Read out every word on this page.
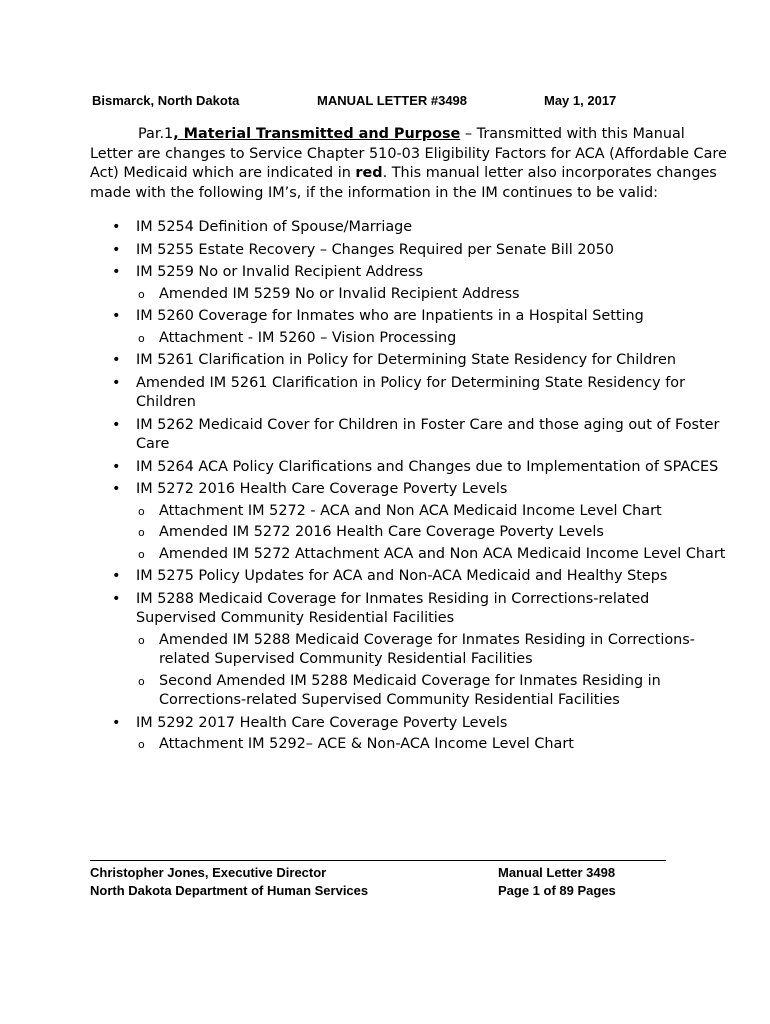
Bismarck, North Dakota	MANUAL LETTER #3498	May 1, 2017

Par.1, Material Transmitted and Purpose – Transmitted with this Manual Letter are changes to Service Chapter 510-03 Eligibility Factors for ACA (Affordable Care Act) Medicaid which are indicated in red. This manual letter also incorporates changes made with the following IM’s, if the information in the IM continues to be valid:

• IM 5254 Definition of Spouse/Marriage
• IM 5255 Estate Recovery – Changes Required per Senate Bill 2050
• IM 5259 No or Invalid Recipient Address
o Amended IM 5259 No or Invalid Recipient Address
• IM 5260 Coverage for Inmates who are Inpatients in a Hospital Setting
o Attachment - IM 5260 – Vision Processing
• IM 5261 Clarification in Policy for Determining State Residency for Children
• Amended IM 5261 Clarification in Policy for Determining State Residency for Children
• IM 5262 Medicaid Cover for Children in Foster Care and those aging out of Foster Care
• IM 5264 ACA Policy Clarifications and Changes due to Implementation of SPACES
• IM 5272 2016 Health Care Coverage Poverty Levels
o Attachment IM 5272 - ACA and Non ACA Medicaid Income Level Chart
o Amended IM 5272 2016 Health Care Coverage Poverty Levels
o Amended IM 5272 Attachment ACA and Non ACA Medicaid Income Level Chart
• IM 5275 Policy Updates for ACA and Non-ACA Medicaid and Healthy Steps
• IM 5288 Medicaid Coverage for Inmates Residing in Corrections-related Supervised Community Residential Facilities
o Amended IM 5288 Medicaid Coverage for Inmates Residing in Corrections-related Supervised Community Residential Facilities
o Second Amended IM 5288 Medicaid Coverage for Inmates Residing in Corrections-related Supervised Community Residential Facilities
• IM 5292 2017 Health Care Coverage Poverty Levels
o Attachment IM 5292– ACE & Non-ACA Income Level Chart
Christopher Jones, Executive Director
North Dakota Department of Human Services
Manual Letter 3498
Page 1 of 89 Pages
